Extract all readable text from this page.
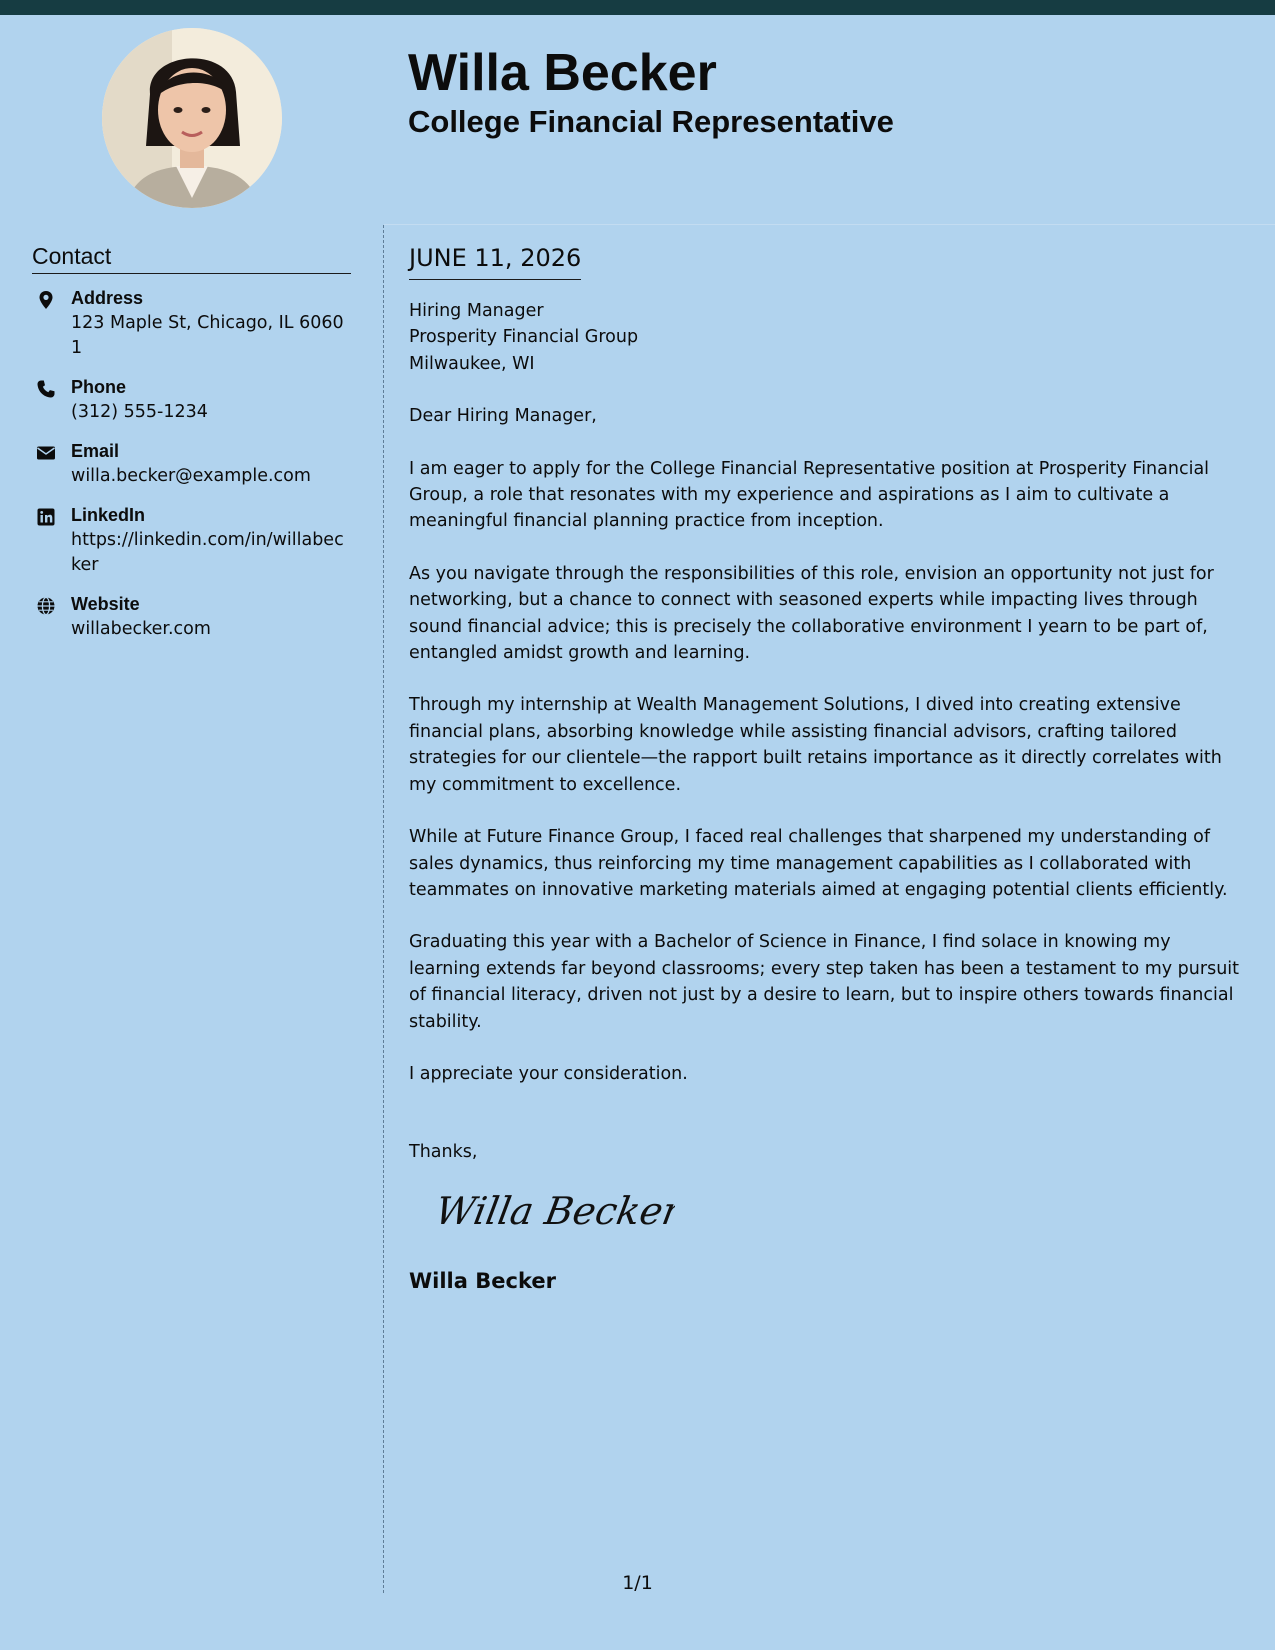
Willa Becker
College Financial Representative
Contact
Address
123 Maple St, Chicago, IL 60601
Phone
(312) 555-1234
Email
willa.becker@example.com
LinkedIn
https://linkedin.com/in/willabecker
Website
willabecker.com
JUNE 11, 2026

Hiring Manager
Prosperity Financial Group
Milwaukee, WI

Dear Hiring Manager,

I am eager to apply for the College Financial Representative position at Prosperity Financial Group, a role that resonates with my experience and aspirations as I aim to cultivate a meaningful financial planning practice from inception.

As you navigate through the responsibilities of this role, envision an opportunity not just for networking, but a chance to connect with seasoned experts while impacting lives through sound financial advice; this is precisely the collaborative environment I yearn to be part of, entangled amidst growth and learning.

Through my internship at Wealth Management Solutions, I dived into creating extensive financial plans, absorbing knowledge while assisting financial advisors, crafting tailored strategies for our clientele—the rapport built retains importance as it directly correlates with my commitment to excellence.

While at Future Finance Group, I faced real challenges that sharpened my understanding of sales dynamics, thus reinforcing my time management capabilities as I collaborated with teammates on innovative marketing materials aimed at engaging potential clients efficiently.

Graduating this year with a Bachelor of Science in Finance, I find solace in knowing my learning extends far beyond classrooms; every step taken has been a testament to my pursuit of financial literacy, driven not just by a desire to learn, but to inspire others towards financial stability.

I appreciate your consideration.

Thanks,

Willa Becker
Willa Becker
1/1
